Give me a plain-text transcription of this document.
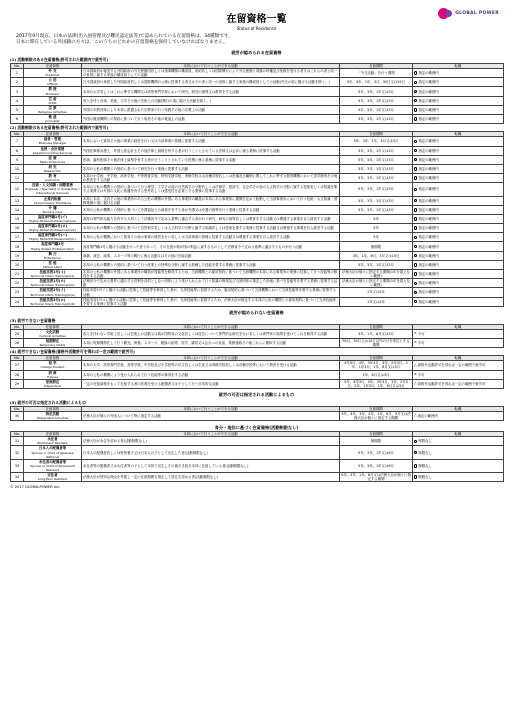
GLOBAL POWER
在留資格一覧
Status of Residence
2017年9月現在、日本の法律(出入国管理及び難民認定法等)で認められている在留資格は、34種類です。
日本に滞在している外国籍の方々は、このうちのどれかの在留資格を保持していなければなりません。
就労が認められる在留資格
(1) 活動制限のある在留資格(許可された範囲内で就労可)
No.	在留資格	本邦において行うことができる活動	在留期間	転職
1	外 交
Diplomat	日本国政府が接受する外国政府の外交使節団若しくは領事機関の構成員、条約若しくは国際慣行により外交使節と同様の特権及び免除を受ける者又はこれらの者と同一の世帯に属する家族の構成員としての活動	「外交活動」を行う期間	指定の範囲内

2	公 用
Official	日本国政府の承認した外国政府若しくは国際機関の公務に従事する者又はその者と同一の世帯に属する家族の構成員としての活動(外交の項に掲げる活動を除く。)	5年、3年、1年、3月、30日又は15日	指定の範囲内

3	教 授
Professor	本邦の大学若しくはこれに準ずる機関又は高等専門学校において研究、研究の指導又は教育をする活動	5年、3年、1年又は3月	指定の範囲内

4	芸 術
Artist	収入を伴う音楽、美術、文学その他の芸術上の活動(興行の項に掲げる活動を除く。)	5年、3年、1年又は3月	指定の範囲内

5	宗 教
Religious Activities	外国の宗教団体により本邦に派遣された宗教家の行う布教その他の宗教上の活動	5年、3年、1年又は3月	指定の範囲内

6	報 道
Journalist	外国の報道機関との契約に基づいて行う取材その他の報道上の活動	5年、3年、1年又は3月	指定の範囲内
(2) 活動制限のある在留資格(許可された範囲内で就労可)
No.	在留資格	本邦において行うことができる活動	在留期間	転職
7	経営・管理
Business Manager	本邦において貿易その他の事業の経営を行い又は当該事業の管理に従事する活動	5年、3年、1年、4月又は3月	指定の範囲内

8	法律・会計業務
Legal/Accounting Services	外国法事務弁護士、外国公認会計士その他法律上資格を有する者が行うこととされている法律又は会計に係る業務に従事する活動	5年、3年、1年又は3月	指定の範囲内

9	医 療
Medical Services	医師、歯科医師その他法律上資格を有する者が行うこととされている医療に係る業務に従事する活動	5年、3年、1年又は3月	指定の範囲内

10	研 究
Researcher	本邦の公私の機関との契約に基づいて研究を行う業務に従事する活動	5年、3年、1年又は3月	指定の範囲内

11	教 育
Instructor	本邦の小学校、中学校、高等学校、中等教育学校、特別支援学校、専修学校又は各種学校若しくは設備及び編制に関してこれに準ずる教育機関において語学教育その他の教育をする活動	5年、3年、1年又は3月	指定の範囲内

12	技術・人文知識・国際業務
Engineer / Specialist in Humanities / International Services	本邦の公私の機関との契約に基づいて行う理学、工学その他の自然科学の分野若しくは法律学、経済学、社会学その他の人文科学の分野に属する技術若しくは知識を要する業務又は外国の文化に基盤を有する思考若しくは感受性を必要とする業務に従事する活動	5年、3年、1年又は3月	指定の範囲内

13	企業内転勤
Intracompany Transferee	本邦に本店、支店その他の事業所のある公私の機関の外国にある事業所の職員が本邦にある事業所に期間を定めて転勤して当該事業所において行う技術・人文知識・国際業務の項に掲げる活動	5年、3年、1年又は3月	指定の範囲内

14	介 護
Nursing Care	本邦の公私の機関との契約に基づいて介護福祉士の資格を有する者が介護又は介護の指導を行う業務に従事する活動	5年、3年、1年又は3月	指定の範囲内

15	高度専門職1号(イ)
Highly Skilled Professional(i)(a)	高度の専門的な能力を有する人材として法務省令で定める基準に適合する者が行う研究、研究の指導若しくは教育をする活動又は関連する事業を自ら経営する活動	5年	指定の範囲内

16	高度専門職1号(ロ)
Highly Skilled Professional(i)(b)	本邦の公私の機関との契約に基づいて自然科学若しくは人文科学の分野に属する知識若しくは技術を要する業務に従事する活動又は関連する事業を自ら経営する活動	5年	指定の範囲内

17	高度専門職1号(ハ)
Highly Skilled Professional(i)(c)	本邦の公私の機関において貿易その他の事業の経営を行い若しくは当該事業の管理に従事する活動又は関連する事業を自ら経営する活動	5年	指定の範囲内

18	高度専門職2号
Highly Skilled Professional(ii)	高度専門職1号に掲げる活動を行った者であって、その在留が我が国の利益に資するものとして法務省令で定める基準に適合するものが行う活動	無期限	指定の範囲内

19	興 行
Entertainer	演劇、演芸、演奏、スポーツ等の興行に係る活動又はその他の芸能活動	3年、1年、6月、3月又は15日	指定の範囲内

20	技 能
Skilled Labor	本邦の公私の機関との契約に基づいて行う産業上の特殊な分野に属する熟練した技能を要する業務に従事する活動	5年、3年、1年又は3月	指定の範囲内

21	技能実習1号(イ)
Technical Intern Training(i)(a)	本邦の公私の機関の外国にある事業所の職員が技能等を修得するため、当該機関との雇用契約に基づいて当該機関の本邦にある事業所の業務に従事して行う技能等の修得をする活動	法務大臣が個々に指定する期間(1年を超えない範囲)	指定の範囲内

22	技能実習1号(ロ)
Technical Intern Training(i)(b)	法務省令で定める要件に適合する営利を目的としない団体により受け入れられて行う知識の修得及び当該団体の策定した計画に基づき技能等を要する業務に従事する活動	法務大臣が個々に指定する期間(1年を超えない範囲)	指定の範囲内

23	技能実習2号(イ)
Technical Intern Training(ii)(a)	技能実習1号イに掲げる活動に従事して技能等を修得した者が、当該技能等に習熟するため、雇用契約に基づいて当該機関において当該技能等を要する業務に従事する活動	1年又は2年	指定の範囲内

24	技能実習2号(ロ)
Technical Intern Training(ii)(b)	技能実習1号ロに掲げる活動に従事して技能等を修得した者が、当該技能等に習熟するため、法務大臣が指定する本邦の公私の機関との雇用契約に基づいて当該技能等を要する業務に従事する活動	1年又は2年	指定の範囲内
就労が認められない在留資格
(3) 就労できない在留資格
No.	在留資格	本邦において行うことができる活動	在留期間	転職
25	文化活動
Cultural Activities	収入を伴わない学術上若しくは芸術上の活動又は我が国特有の文化若しくは技芸について専門的な研究を行い若しくは専門家の指導を受けてこれを修得する活動	3年、1年、6月又は3月	× 不可

26	短期滞在
Temporary Visitor	本邦に短期間滞在して行う観光、保養、スポーツ、親族の訪問、見学、講習又は会合への参加、業務連絡その他これらに類似する活動	90日、30日又は15日以内の日を単位とする期間	× 不可
(4) 就労できない在留資格(資格外活動許可を得れば一定の範囲で就労可)
No.	在留資格	本邦において行うことができる活動	在留期間	転職
27	留 学
College Student	本邦の大学、高等専門学校、高等学校、中学校及び小学校等の学生若しくは生徒又は専修学校若しくは各種学校等において教育を受ける活動	4年3月、4年、3年3月、3年、2年3月、2年、1年3月、1年、6月又は3月	△ 資格外活動許可を得れば一定の範囲で就労可

28	研 修
Trainee	本邦の公私の機関により受け入れられて行う技能等の修得をする活動	1年、6月又は3月	× 不可

29	家族滞在
Dependent	一定の在留資格をもって在留する者の扶養を受ける配偶者又は子として行う日常的な活動	5年、4年3月、4年、3年3月、3年、2年3月、2年、1年3月、1年、6月又は3月	△ 資格外活動許可を得れば一定の範囲で就労可
就労の可否は指定される活動によるもの
(5) 就労の可否は指定される活動によるもの
No.	在留資格	本邦において行うことができる活動	在留期間	転職
30	特定活動
Designated Activities	法務大臣が個々の外国人について特に指定する活動	5年、4年、3年、2年、1年、6月、3月又は法務大臣が個々に指定する期間	△ 指定の範囲内
身分・地位に基づく在留資格(活動制限なし)
No.	在留資格	本邦において行うことができる活動	在留期間	転職
31	永住者
Permanent Resident	法務大臣が永住を認める者(活動制限なし)	無期限	制限なし

32	日本人の配偶者等
Spouse or Child of Japanese National	日本人の配偶者若しくは特別養子又は日本人の子として出生した者(活動制限なし)	5年、3年、1年又は6月	制限なし

33	永住者の配偶者等
Spouse or Child of Permanent Resident	永住者等の配偶者又は永住者等の子として本邦で出生しその後引き続き本邦に在留している者(活動制限なし)	5年、3年、1年又は6月	制限なし

34	定住者
Long-Term Resident	法務大臣が特別な理由を考慮し一定の在留期間を指定して居住を認める者(活動制限なし)	5年、3年、1年、6月又は法務大臣が個々に指定する期間	制限なし
© 2017 GLOBALPOWER Inc.
